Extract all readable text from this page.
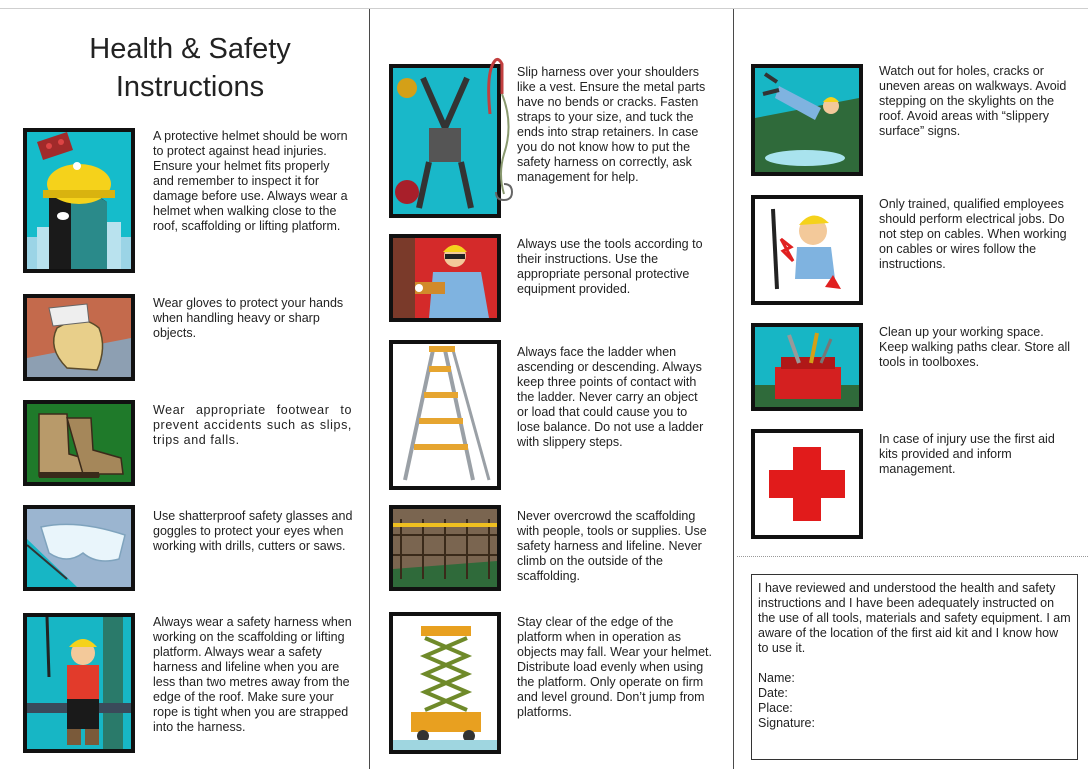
Health & Safety Instructions
A protective helmet should be worn to protect against head injuries. Ensure your helmet fits properly and remember to inspect it for damage before use. Always wear a helmet when walking close to the roof, scaffolding or lifting platform.
Wear gloves to protect your hands when handling heavy or sharp objects.
Wear appropriate footwear to prevent accidents such as slips, trips and falls.
Use shatterproof safety glasses and goggles to protect your eyes when working with drills, cutters or saws.
Always wear a safety harness when working on the scaffolding or lifting platform. Always wear a safety harness and lifeline when you are less than two metres away from the edge of the roof. Make sure your rope is tight when you are strapped into the harness.
Slip harness over your shoulders like a vest. Ensure the metal parts have no bends or cracks. Fasten straps to your size, and tuck the ends into strap retainers. In case you do not know how to put the safety harness on correctly, ask management for help.
Always use the tools according to their instructions. Use the appropriate personal protective equipment provided.
Always face the ladder when ascending or descending. Always keep three points of contact with the ladder. Never carry an object or load that could cause you to lose balance. Do not use a ladder with slippery steps.
Never overcrowd the scaffolding with people, tools or supplies. Use safety harness and lifeline. Never climb on the outside of the scaffolding.
Stay clear of the edge of the platform when in operation as objects may fall. Wear your helmet. Distribute load evenly when using the platform. Only operate on firm and level ground. Don’t jump from platforms.
Watch out for holes, cracks or uneven areas on walkways. Avoid stepping on the skylights on the roof. Avoid areas with “slippery surface” signs.
Only trained, qualified employees should perform electrical jobs. Do not step on cables. When working on cables or wires follow the instructions.
Clean up your working space. Keep walking paths clear. Store all tools in toolboxes.
In case of injury use the first aid kits provided and inform management.

I have reviewed and understood the health and safety instructions and I have been adequately instructed on the use of all tools, materials and safety equipment. I am aware of the location of the first aid kit and I know how to use it.

Name:
Date:
Place:
Signature:
